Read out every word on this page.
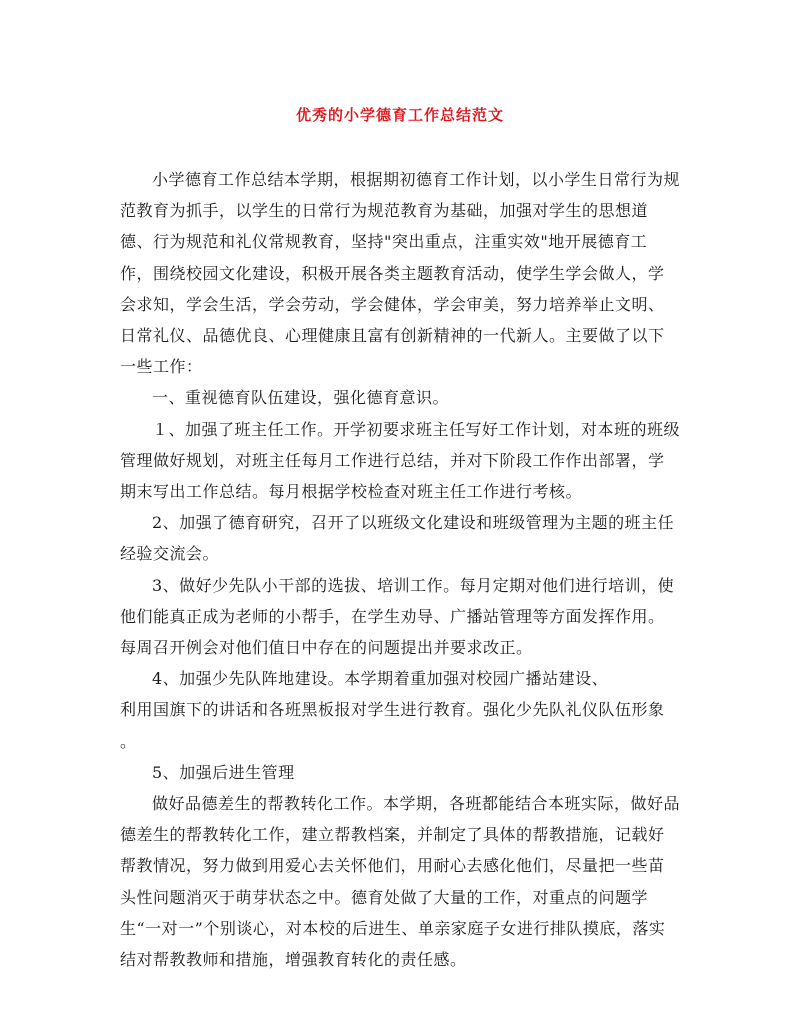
优秀的小学德育工作总结范文

小学德育工作总结本学期，根据期初德育工作计划，以小学生日常行为规范教育为抓手，以学生的日常行为规范教育为基础，加强对学生的思想道德、行为规范和礼仪常规教育，坚持"突出重点，注重实效"地开展德育工作，围绕校园文化建设，积极开展各类主题教育活动，使学生学会做人，学会求知，学会生活，学会劳动，学会健体，学会审美，努力培养举止文明、日常礼仪、品德优良、心理健康且富有创新精神的一代新人。主要做了以下一些工作：

一、重视德育队伍建设，强化德育意识。

１、加强了班主任工作。开学初要求班主任写好工作计划，对本班的班级管理做好规划，对班主任每月工作进行总结，并对下阶段工作作出部署，学期末写出工作总结。每月根据学校检查对班主任工作进行考核。

2、加强了德育研究，召开了以班级文化建设和班级管理为主题的班主任经验交流会。

3、做好少先队小干部的选拔、培训工作。每月定期对他们进行培训，使他们能真正成为老师的小帮手，在学生劝导、广播站管理等方面发挥作用。每周召开例会对他们值日中存在的问题提出并要求改正。

4、加强少先队阵地建设。本学期着重加强对校园广播站建设、

利用国旗下的讲话和各班黑板报对学生进行教育。强化少先队礼仪队伍形象

。

5、加强后进生管理

做好品德差生的帮教转化工作。本学期，各班都能结合本班实际，做好品德差生的帮教转化工作，建立帮教档案，并制定了具体的帮教措施，记载好帮教情况，努力做到用爱心去关怀他们，用耐心去感化他们，尽量把一些苗头性问题消灭于萌芽状态之中。德育处做了大量的工作，对重点的问题学生“一对一”个别谈心，对本校的后进生、单亲家庭子女进行排队摸底，落实结对帮教教师和措施，增强教育转化的责任感。
